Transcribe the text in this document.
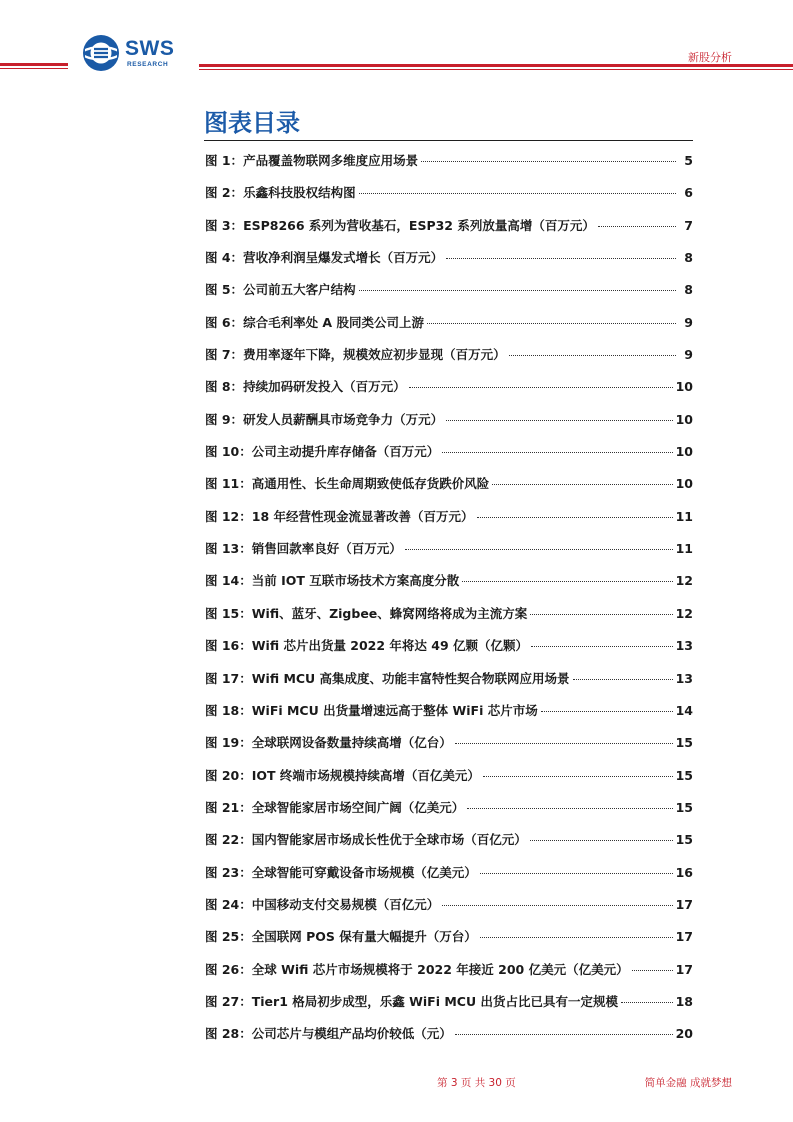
SWS
RESEARCH
新股分析
图表目录
图 1： 产品覆盖物联网多维度应用场景	5
图 2： 乐鑫科技股权结构图	6
图 3： ESP8266 系列为营收基石，ESP32 系列放量高增（百万元）	7
图 4： 营收净利润呈爆发式增长（百万元）	8
图 5： 公司前五大客户结构	8
图 6： 综合毛利率处 A 股同类公司上游	9
图 7： 费用率逐年下降，规模效应初步显现（百万元）	9
图 8： 持续加码研发投入（百万元）	10
图 9： 研发人员薪酬具市场竞争力（万元）	10
图 10： 公司主动提升库存储备（百万元）	10
图 11： 高通用性、长生命周期致使低存货跌价风险	10
图 12： 18 年经营性现金流显著改善（百万元）	11
图 13： 销售回款率良好（百万元）	11
图 14： 当前 IOT 互联市场技术方案高度分散	12
图 15： Wifi、蓝牙、Zigbee、蜂窝网络将成为主流方案	12
图 16： Wifi 芯片出货量 2022 年将达 49 亿颗（亿颗）	13
图 17： Wifi MCU 高集成度、功能丰富特性契合物联网应用场景	13
图 18： WiFi MCU 出货量增速远高于整体 WiFi 芯片市场	14
图 19： 全球联网设备数量持续高增（亿台）	15
图 20： IOT 终端市场规模持续高增（百亿美元）	15
图 21： 全球智能家居市场空间广阔（亿美元）	15
图 22： 国内智能家居市场成长性优于全球市场（百亿元）	15
图 23： 全球智能可穿戴设备市场规模（亿美元）	16
图 24： 中国移动支付交易规模（百亿元）	17
图 25： 全国联网 POS 保有量大幅提升（万台）	17
图 26： 全球 Wifi 芯片市场规模将于 2022 年接近 200 亿美元（亿美元）	17
图 27： Tier1 格局初步成型，乐鑫 WiFi MCU 出货占比已具有一定规模	18
图 28： 公司芯片与模组产品均价较低（元）	20
第 3 页 共 30 页	简单金融 成就梦想
